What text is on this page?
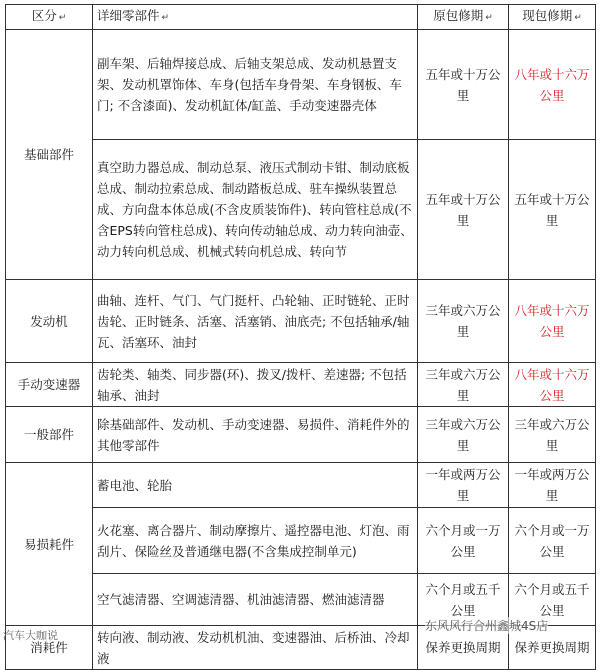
区分 ↵	详细零部件 ↵	原包修期 ↵	现包修期 ↵
基础部件	副车架、后轴焊接总成、后轴支架总成、发动机悬置支架、发动机罩饰体、车身(包括车身骨架、车身钢板、车门; 不含漆面)、发动机缸体/缸盖、手动变速器壳体	五年或十万公里	八年或十六万公里
	真空助力器总成、制动总泵、液压式制动卡钳、制动底板总成、制动拉索总成、制动踏板总成、驻车操纵装置总成、方向盘本体总成(不含皮质装饰件)、转向管柱总成(不含EPS转向管柱总成)、转向传动轴总成、动力转向油壶、动力转向机总成、机械式转向机总成、转向节	五年或十万公里	五年或十万公里
发动机	曲轴、连杆、气门、气门挺杆、凸轮轴、正时链轮、正时齿轮、正时链条、活塞、活塞销、油底壳; 不包括轴承/轴瓦、活塞环、油封	三年或六万公里	八年或十六万公里
手动变速器	齿轮类、轴类、同步器(环)、拨叉/拨杆、差速器; 不包括轴承、油封	三年或六万公里	八年或十六万公里
一般部件	除基础部件、发动机、手动变速器、易损件、消耗件外的其他零部件	三年或六万公里	三年或六万公里
易损耗件	蓄电池、轮胎	一年或两万公里	一年或两万公里
	火花塞、离合器片、制动摩擦片、遥控器电池、灯泡、雨刮片、保险丝及普通继电器(不含集成控制单元)	六个月或一万公里	六个月或一万公里
	空气滤清器、空调滤清器、机油滤清器、燃油滤清器	六个月或五千公里	六个月或五千公里
消耗件	转向液、制动液、发动机机油、变速器油、后桥油、冷却液	保养更换周期	保养更换周期
汽车大咖说
东风风行合州鑫城4S店
